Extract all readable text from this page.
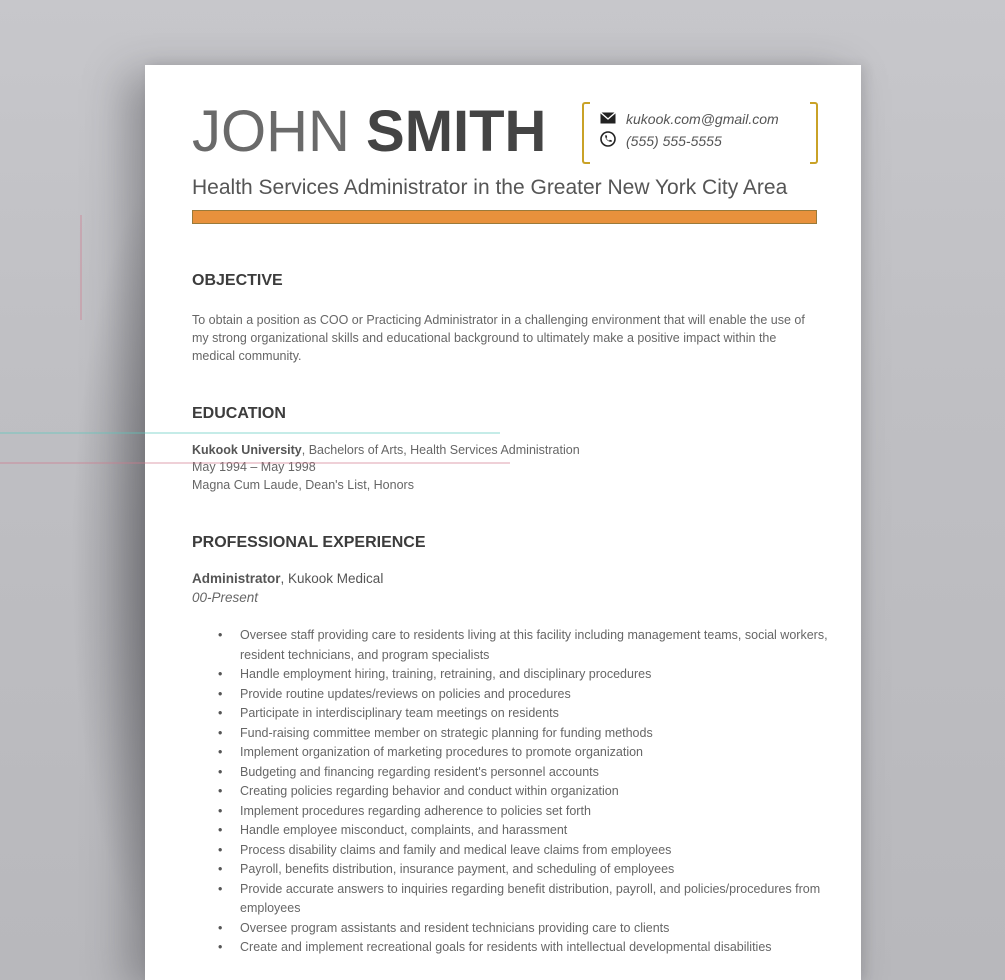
JOHN SMITH	kukook.com@gmail.com
(555) 555-5555
Health Services Administrator in the Greater New York City Area
OBJECTIVE
To obtain a position as COO or Practicing Administrator in a challenging environment that will enable the use of my strong organizational skills and educational background to ultimately make a positive impact within the medical community.
EDUCATION
Kukook University, Bachelors of Arts, Health Services Administration
May 1994 – May 1998
Magna Cum Laude, Dean's List, Honors
PROFESSIONAL EXPERIENCE
Administrator, Kukook Medical
00-Present
• Oversee staff providing care to residents living at this facility including management teams, social workers, resident technicians, and program specialists
• Handle employment hiring, training, retraining, and disciplinary procedures
• Provide routine updates/reviews on policies and procedures
• Participate in interdisciplinary team meetings on residents
• Fund-raising committee member on strategic planning for funding methods
• Implement organization of marketing procedures to promote organization
• Budgeting and financing regarding resident's personnel accounts
• Creating policies regarding behavior and conduct within organization
• Implement procedures regarding adherence to policies set forth
• Handle employee misconduct, complaints, and harassment
• Process disability claims and family and medical leave claims from employees
• Payroll, benefits distribution, insurance payment, and scheduling of employees
• Provide accurate answers to inquiries regarding benefit distribution, payroll, and policies/procedures from employees
• Oversee program assistants and resident technicians providing care to clients
• Create and implement recreational goals for residents with intellectual developmental disabilities
